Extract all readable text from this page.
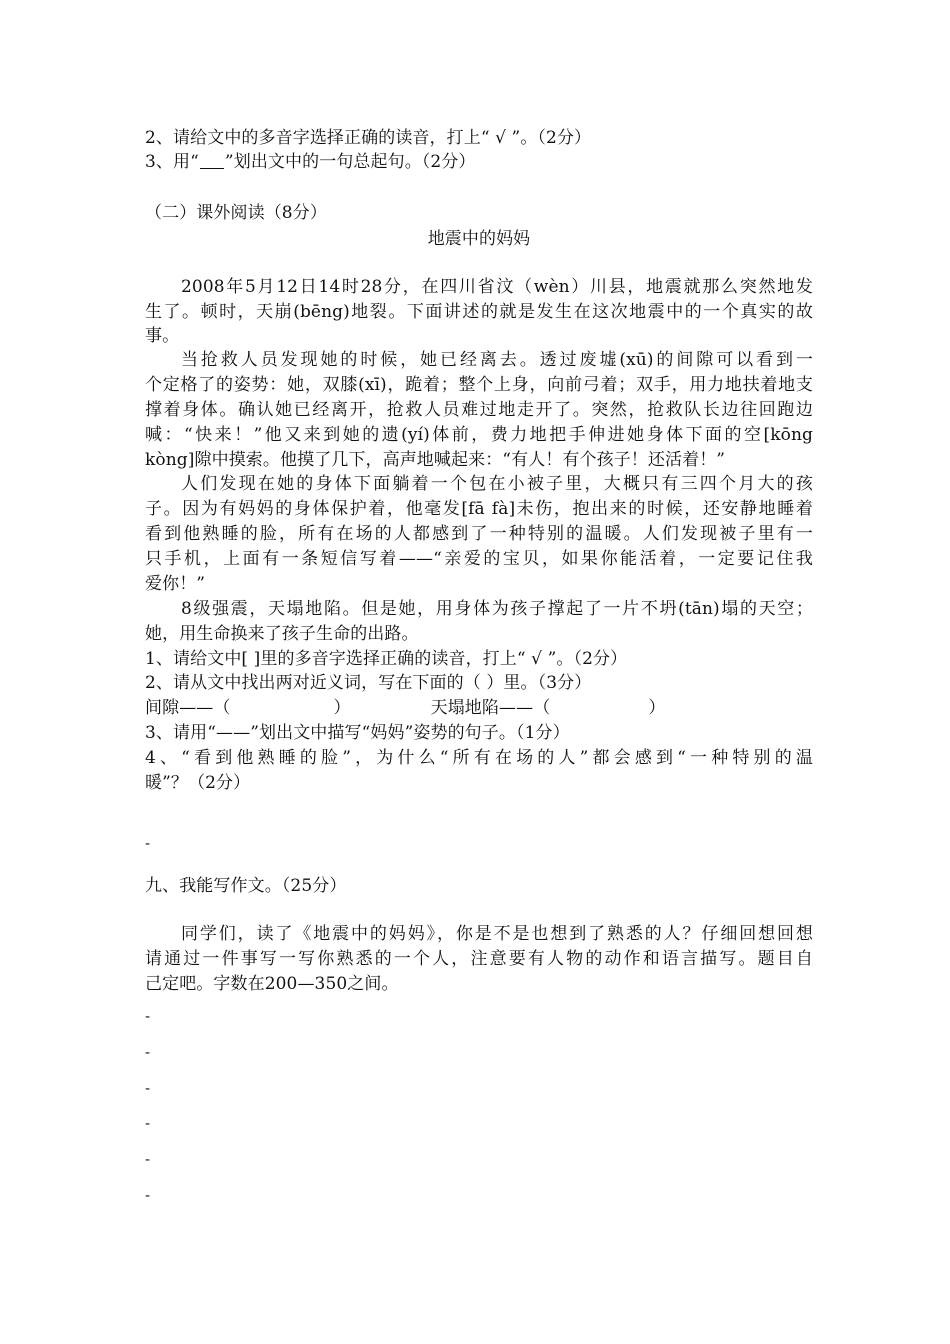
2、请给文中的多音字选择正确的读音，打上“ √ ”。（2分）
3、用“ ”划出文中的一句总起句。（2分）
（二）课外阅读（8分）
地震中的妈妈
2008年5月12日14时28分，在四川省汶（wèn）川县，地震就那么突然地发
生了。顿时，天崩(bēng)地裂。下面讲述的就是发生在这次地震中的一个真实的故
事。
当抢救人员发现她的时候，她已经离去。透过废墟(xū)的间隙可以看到一
个定格了的姿势：她，双膝(xī)，跪着；整个上身，向前弓着；双手，用力地扶着地支
撑着身体。确认她已经离开，抢救人员难过地走开了。突然，抢救队长边往回跑边
喊：“快来！”他又来到她的遗(yí)体前，费力地把手伸进她身体下面的空[kōng
kòng]隙中摸索。他摸了几下，高声地喊起来：“有人！有个孩子！还活着！”
人们发现在她的身体下面躺着一个包在小被子里，大概只有三四个月大的孩
子。因为有妈妈的身体保护着，他毫发[fā fà]未伤，抱出来的时候，还安静地睡着
看到他熟睡的脸，所有在场的人都感到了一种特别的温暖。人们发现被子里有一
只手机，上面有一条短信写着——“亲爱的宝贝，如果你能活着，一定要记住我
爱你！”
8级强震，天塌地陷。但是她，用身体为孩子撑起了一片不坍(tān)塌的天空；
她，用生命换来了孩子生命的出路。
1、请给文中[ ]里的多音字选择正确的读音，打上“ √ ”。（2分）
2、请从文中找出两对近义词，写在下面的（ ）里。（3分）
间隙——（	）	天塌地陷——（	）
3、请用“——”划出文中描写“妈妈”姿势的句子。（1分）
4、“看到他熟睡的脸”，为什么“所有在场的人”都会感到“一种特别的温
暖”？（2分）
-
九、我能写作文。（25分）
同学们，读了《地震中的妈妈》，你是不是也想到了熟悉的人？仔细回想回想
请通过一件事写一写你熟悉的一个人，注意要有人物的动作和语言描写。题目自
己定吧。字数在200—350之间。
-
-
-
-
-
-
